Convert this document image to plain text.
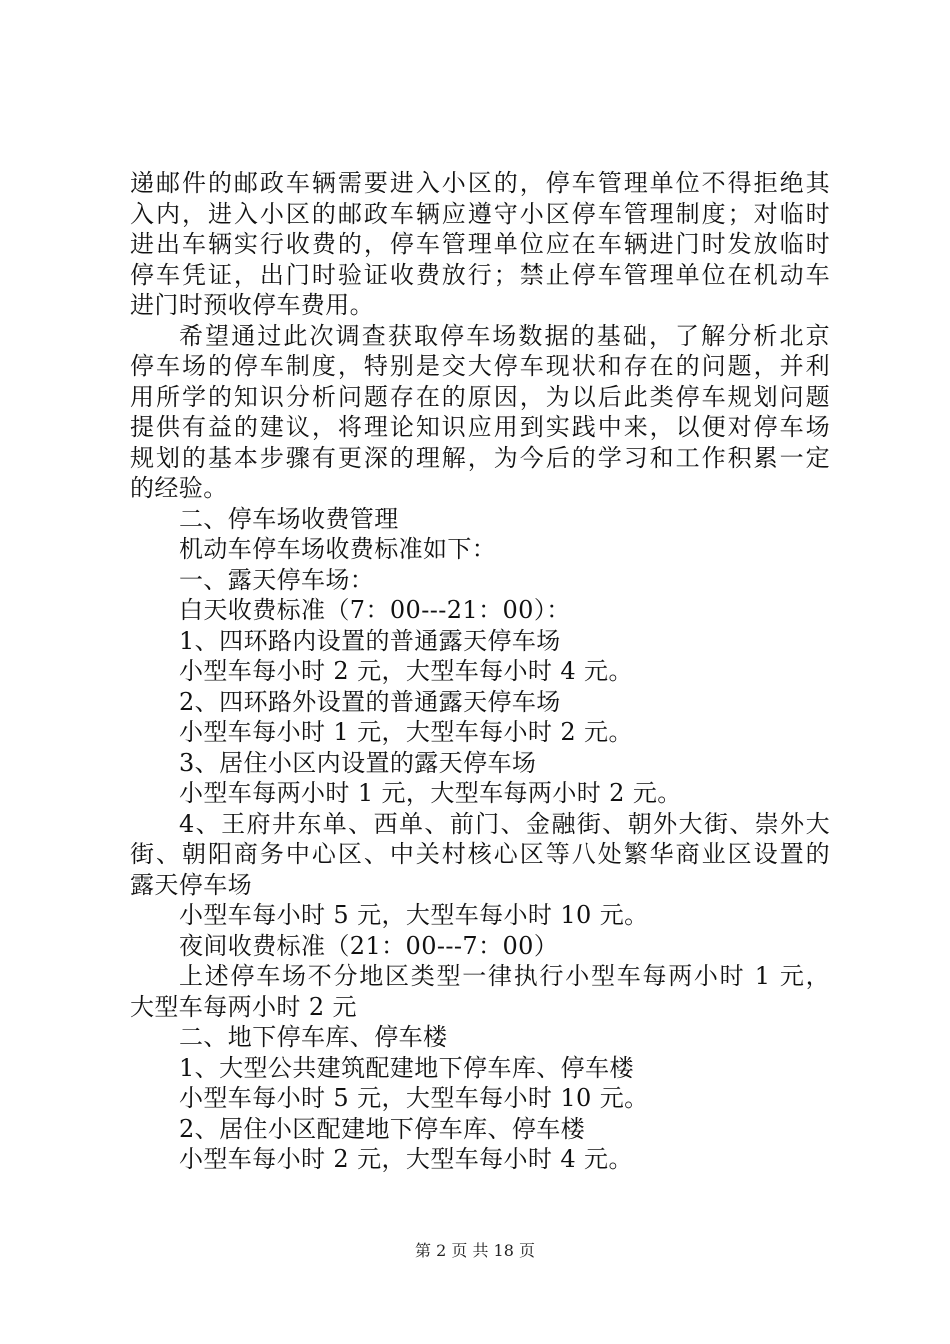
递邮件的邮政车辆需要进入小区的，停车管理单位不得拒绝其
入内，进入小区的邮政车辆应遵守小区停车管理制度；对临时
进出车辆实行收费的，停车管理单位应在车辆进门时发放临时
停车凭证，出门时验证收费放行；禁止停车管理单位在机动车
进门时预收停车费用。
希望通过此次调查获取停车场数据的基础，了解分析北京
停车场的停车制度，特别是交大停车现状和存在的问题，并利
用所学的知识分析问题存在的原因，为以后此类停车规划问题
提供有益的建议，将理论知识应用到实践中来，以便对停车场
规划的基本步骤有更深的理解，为今后的学习和工作积累一定
的经验。
二、停车场收费管理
机动车停车场收费标准如下：
一、露天停车场：
白天收费标准（7：00---21：00）：
1、四环路内设置的普通露天停车场
小型车每小时 2 元，大型车每小时 4 元。
2、四环路外设置的普通露天停车场
小型车每小时 1 元，大型车每小时 2 元。
3、居住小区内设置的露天停车场
小型车每两小时 1 元，大型车每两小时 2 元。
4、王府井东单、西单、前门、金融街、朝外大街、崇外大
街、朝阳商务中心区、中关村核心区等八处繁华商业区设置的
露天停车场
小型车每小时 5 元，大型车每小时 10 元。
夜间收费标准（21：00---7：00）
上述停车场不分地区类型一律执行小型车每两小时 1 元，
大型车每两小时 2 元
二、地下停车库、停车楼
1、大型公共建筑配建地下停车库、停车楼
小型车每小时 5 元，大型车每小时 10 元。
2、居住小区配建地下停车库、停车楼
小型车每小时 2 元，大型车每小时 4 元。
第 2 页 共 18 页
